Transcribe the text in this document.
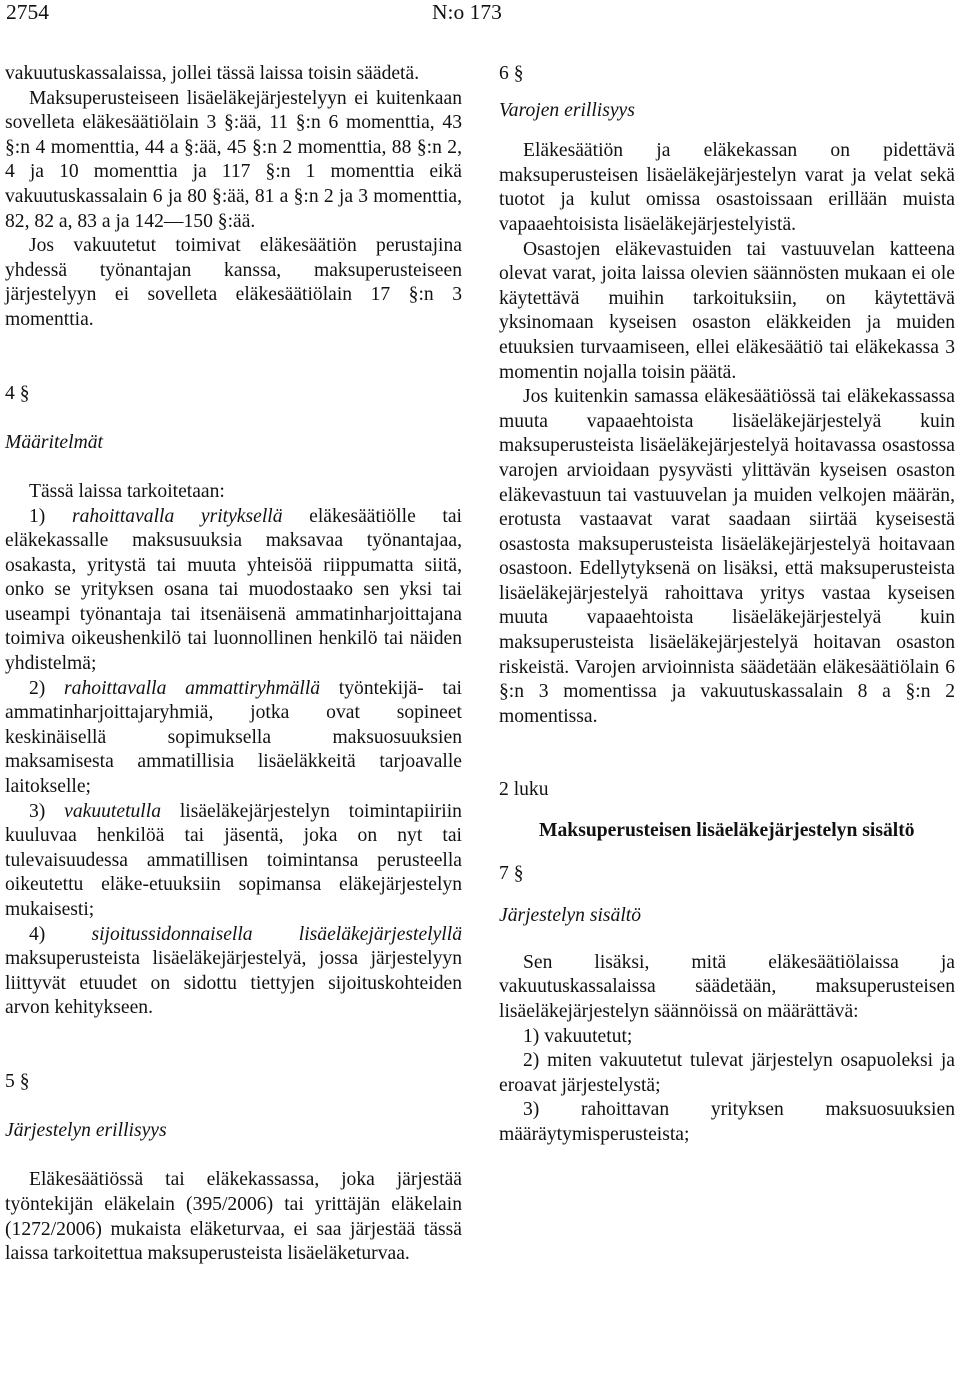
2754	N:o 173

vakuutuskassalaissa, jollei tässä laissa toisin säädetä.

Maksuperusteiseen lisäeläkejärjestelyyn ei kuitenkaan sovelleta eläkesäätiölain 3 §:ää, 11 §:n 6 momenttia, 43 §:n 4 momenttia, 44 a §:ää, 45 §:n 2 momenttia, 88 §:n 2, 4 ja 10 momenttia ja 117 §:n 1 momenttia eikä vakuutuskassalain 6 ja 80 §:ää, 81 a §:n 2 ja 3 momenttia, 82, 82 a, 83 a ja 142—150 §:ää.

Jos vakuutetut toimivat eläkesäätiön perustajina yhdessä työnantajan kanssa, maksuperusteiseen järjestelyyn ei sovelleta eläkesäätiölain 17 §:n 3 momenttia.

4 §

Määritelmät

Tässä laissa tarkoitetaan:

1) rahoittavalla yrityksellä eläkesäätiölle tai eläkekassalle maksusuuksia maksavaa työnantajaa, osakasta, yritystä tai muuta yhteisöä riippumatta siitä, onko se yrityksen osana tai muodostaako sen yksi tai useampi työnantaja tai itsenäisenä ammatinharjoittajana toimiva oikeushenkilö tai luonnollinen henkilö tai näiden yhdistelmä;

2) rahoittavalla ammattiryhmällä työntekijä- tai ammatinharjoittajaryhmiä, jotka ovat sopineet keskinäisellä sopimuksella maksuosuuksien maksamisesta ammatillisia lisäeläkkeitä tarjoavalle laitokselle;

3) vakuutetulla lisäeläkejärjestelyn toimintapiiriin kuuluvaa henkilöä tai jäsentä, joka on nyt tai tulevaisuudessa ammatillisen toimintansa perusteella oikeutettu eläke-etuuksiin sopimansa eläkejärjestelyn mukaisesti;

4) sijoitussidonnaisella lisäeläkejärjestelyllä maksuperusteista lisäeläkejärjestelyä, jossa järjestelyyn liittyvät etuudet on sidottu tiettyjen sijoituskohteiden arvon kehitykseen.

5 §

Järjestelyn erillisyys

Eläkesäätiössä tai eläkekassassa, joka järjestää työntekijän eläkelain (395/2006) tai yrittäjän eläkelain (1272/2006) mukaista eläketurvaa, ei saa järjestää tässä laissa tarkoitettua maksuperusteista lisäeläketurvaa.

6 §

Varojen erillisyys

Eläkesäätiön ja eläkekassan on pidettävä maksuperusteisen lisäeläkejärjestelyn varat ja velat sekä tuotot ja kulut omissa osastoissaan erillään muista vapaaehtoisista lisäeläkejärjestelyistä.

Osastojen eläkevastuiden tai vastuuvelan katteena olevat varat, joita laissa olevien säännösten mukaan ei ole käytettävä muihin tarkoituksiin, on käytettävä yksinomaan kyseisen osaston eläkkeiden ja muiden etuuksien turvaamiseen, ellei eläkesäätiö tai eläkekassa 3 momentin nojalla toisin päätä.

Jos kuitenkin samassa eläkesäätiössä tai eläkekassassa muuta vapaaehtoista lisäeläkejärjestelyä kuin maksuperusteista lisäeläkejärjestelyä hoitavassa osastossa varojen arvioidaan pysyvästi ylittävän kyseisen osaston eläkevastuun tai vastuuvelan ja muiden velkojen määrän, erotusta vastaavat varat saadaan siirtää kyseisestä osastosta maksuperusteista lisäeläkejärjestelyä hoitavaan osastoon. Edellytyksenä on lisäksi, että maksuperusteista lisäeläkejärjestelyä rahoittava yritys vastaa kyseisen muuta vapaaehtoista lisäeläkejärjestelyä kuin maksuperusteista lisäeläkejärjestelyä hoitavan osaston riskeistä. Varojen arvioinnista säädetään eläkesäätiölain 6 §:n 3 momentissa ja vakuutuskassalain 8 a §:n 2 momentissa.

2 luku

Maksuperusteisen lisäeläkejärjestelyn sisältö

7 §

Järjestelyn sisältö

Sen lisäksi, mitä eläkesäätiölaissa ja vakuutuskassalaissa säädetään, maksuperusteisen lisäeläkejärjestelyn säännöissä on määrättävä:

1) vakuutetut;

2) miten vakuutetut tulevat järjestelyn osapuoleksi ja eroavat järjestelystä;

3) rahoittavan yrityksen maksuosuuksien määräytymisperusteista;
